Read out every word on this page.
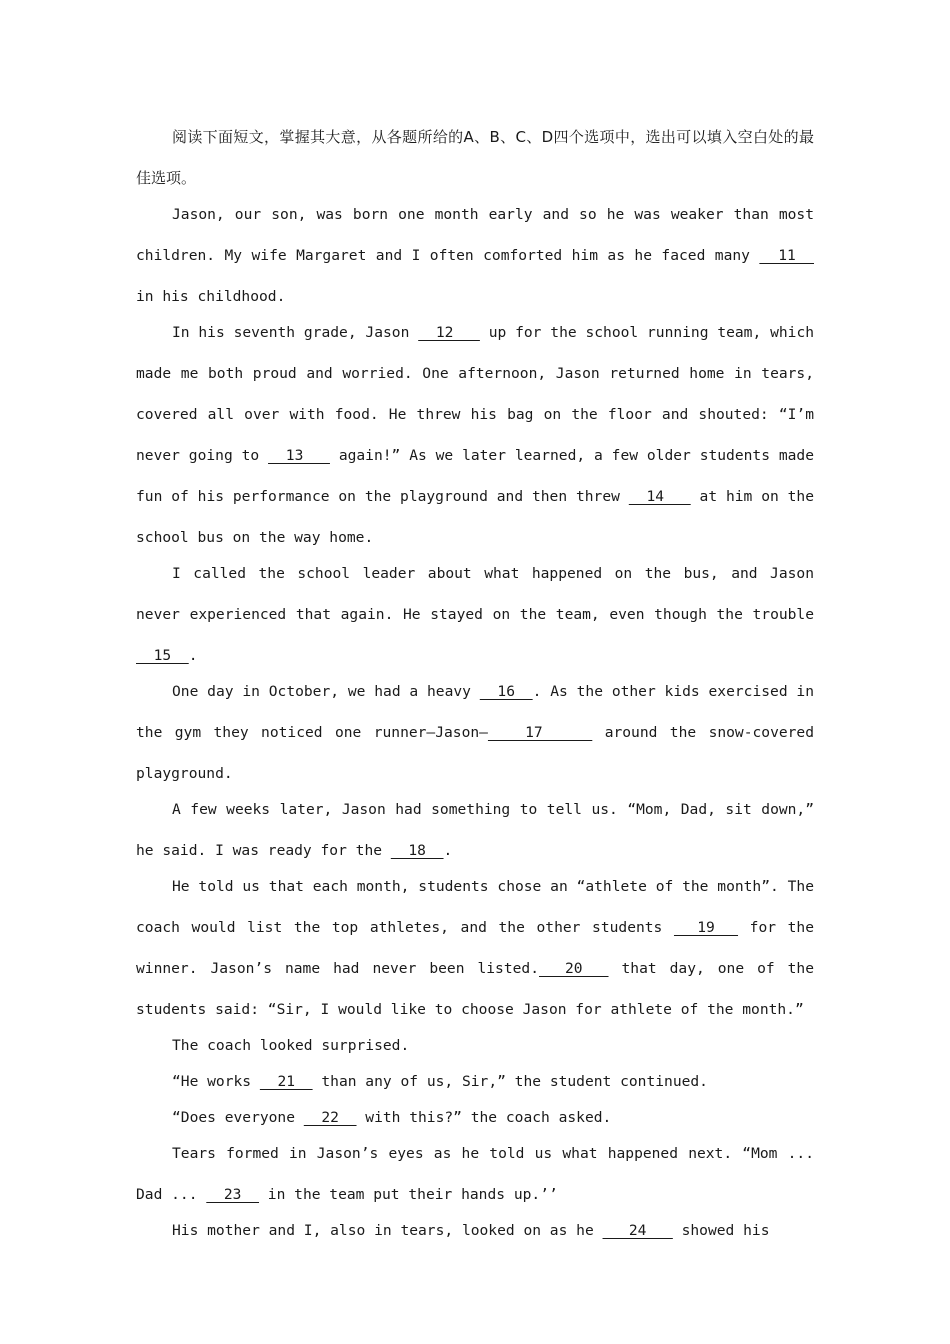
阅读下面短文，掌握其大意，从各题所给的A、B、C、D四个选项中，选出可以填入空白处的最佳选项。

Jason, our son, was born one month early and so he was weaker than most children. My wife Margaret and I often comforted him as he faced many   11   in his childhood.

In his seventh grade, Jason   12    up for the school running team, which made me both proud and worried. One afternoon, Jason returned home in tears, covered all over with food. He threw his bag on the floor and shouted: “I’m never going to   13    again!” As we later learned, a few older students made fun of his performance on the playground and then threw   14    at him on the school bus on the way home.

I called the school leader about what happened on the bus, and Jason never experienced that again. He stayed on the team, even though the trouble   15  .

One day in October, we had a heavy   16  . As the other kids exercised in the gym they noticed one runner—Jason—   17     around the snow-covered playground.

A few weeks later, Jason had something to tell us. “Mom, Dad, sit down,” he said. I was ready for the   18  .

He told us that each month, students chose an “athlete of the month”. The coach would list the top athletes, and the other students   19   for the winner. Jason’s name had never been listed.  20   that day, one of the students said: “Sir, I would like to choose Jason for athlete of the month.”

The coach looked surprised.

“He works   21   than any of us, Sir,” the student continued.

“Does everyone   22   with this?” the coach asked.

Tears formed in Jason’s eyes as he told us what happened next. “Mom ... Dad ...   23   in the team put their hands up.’’

His mother and I, also in tears, looked on as he    24    showed his
